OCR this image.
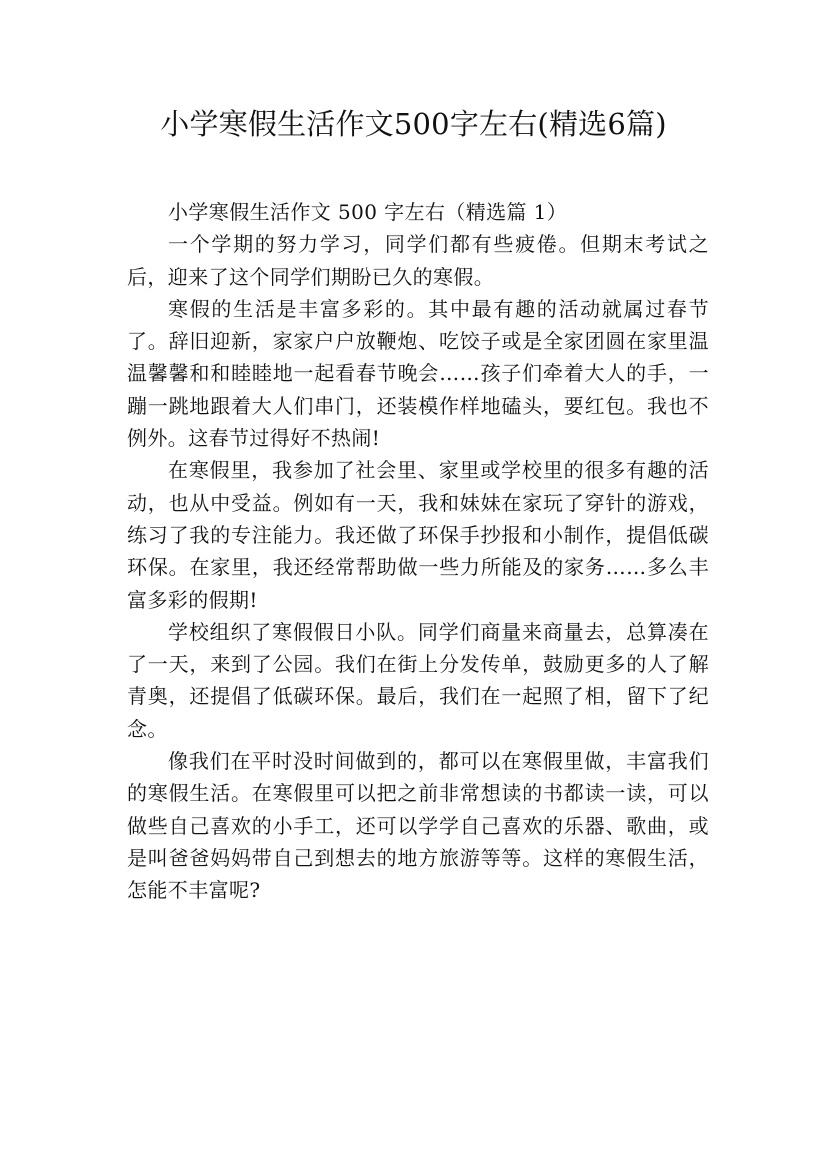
小学寒假生活作文500字左右(精选6篇)

小学寒假生活作文 500 字左右（精选篇 1）

一个学期的努力学习，同学们都有些疲倦。但期末考试之后，迎来了这个同学们期盼已久的寒假。

寒假的生活是丰富多彩的。其中最有趣的活动就属过春节了。辞旧迎新，家家户户放鞭炮、吃饺子或是全家团圆在家里温温馨馨和和睦睦地一起看春节晚会……孩子们牵着大人的手，一蹦一跳地跟着大人们串门，还装模作样地磕头，要红包。我也不例外。这春节过得好不热闹!

在寒假里，我参加了社会里、家里或学校里的很多有趣的活动，也从中受益。例如有一天，我和妹妹在家玩了穿针的游戏，练习了我的专注能力。我还做了环保手抄报和小制作，提倡低碳环保。在家里，我还经常帮助做一些力所能及的家务……多么丰富多彩的假期!

学校组织了寒假假日小队。同学们商量来商量去，总算凑在了一天，来到了公园。我们在街上分发传单，鼓励更多的人了解青奥，还提倡了低碳环保。最后，我们在一起照了相，留下了纪念。

像我们在平时没时间做到的，都可以在寒假里做，丰富我们的寒假生活。在寒假里可以把之前非常想读的书都读一读，可以做些自己喜欢的小手工，还可以学学自己喜欢的乐器、歌曲，或是叫爸爸妈妈带自己到想去的地方旅游等等。这样的寒假生活，怎能不丰富呢?
